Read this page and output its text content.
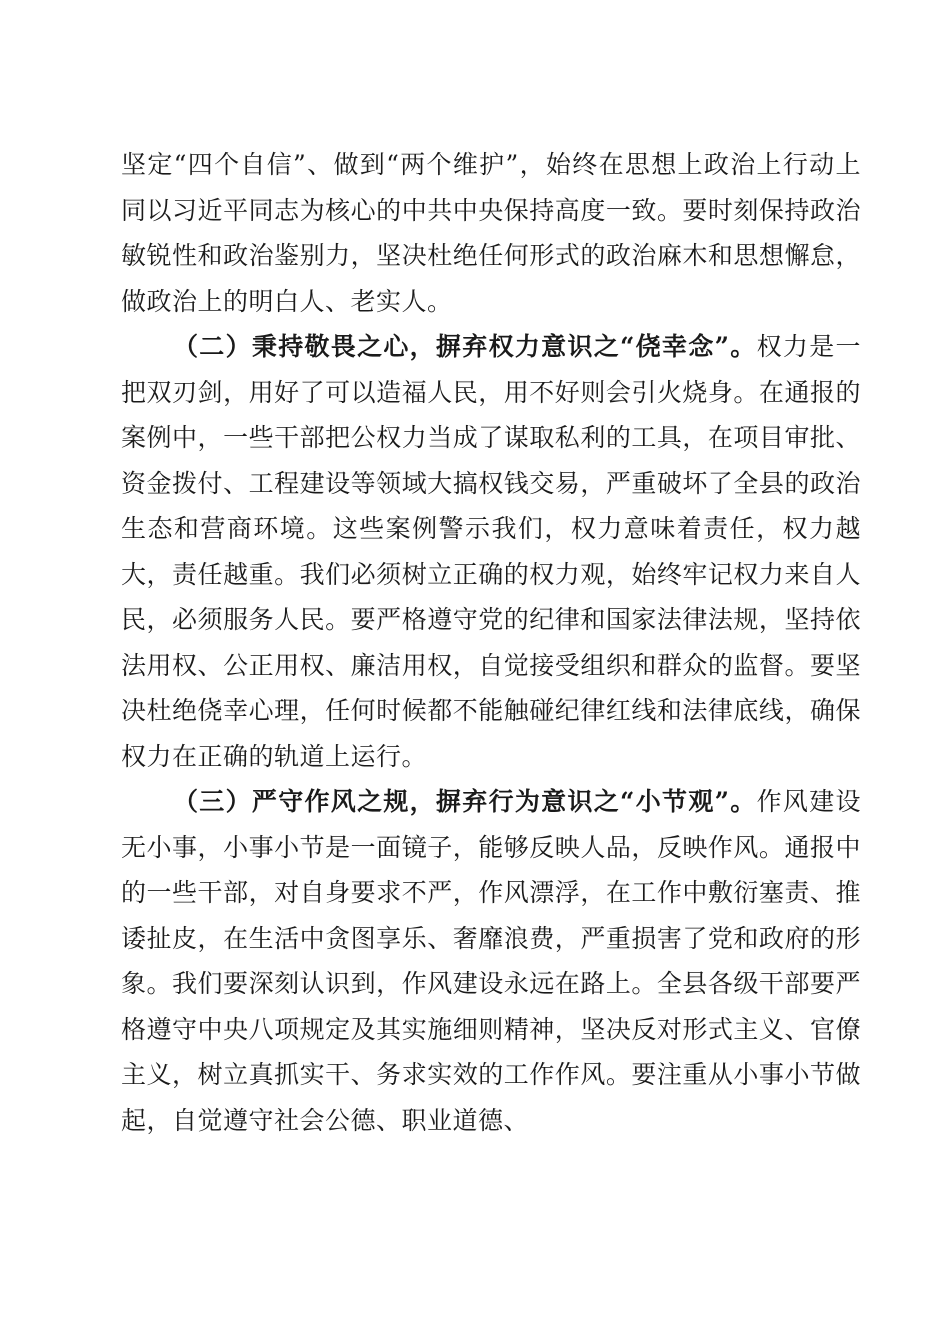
坚定“四个自信”、做到“两个维护”，始终在思想上政治上行动上同以习近平同志为核心的中共中央保持高度一致。要时刻保持政治敏锐性和政治鉴别力，坚决杜绝任何形式的政治麻木和思想懈怠，做政治上的明白人、老实人。

（二）秉持敬畏之心，摒弃权力意识之“侥幸念”。权力是一把双刃剑，用好了可以造福人民，用不好则会引火烧身。在通报的案例中，一些干部把公权力当成了谋取私利的工具，在项目审批、资金拨付、工程建设等领域大搞权钱交易，严重破坏了全县的政治生态和营商环境。这些案例警示我们，权力意味着责任，权力越大，责任越重。我们必须树立正确的权力观，始终牢记权力来自人民，必须服务人民。要严格遵守党的纪律和国家法律法规，坚持依法用权、公正用权、廉洁用权，自觉接受组织和群众的监督。要坚决杜绝侥幸心理，任何时候都不能触碰纪律红线和法律底线，确保权力在正确的轨道上运行。

（三）严守作风之规，摒弃行为意识之“小节观”。作风建设无小事，小事小节是一面镜子，能够反映人品，反映作风。通报中的一些干部，对自身要求不严，作风漂浮，在工作中敷衍塞责、推诿扯皮，在生活中贪图享乐、奢靡浪费，严重损害了党和政府的形象。我们要深刻认识到，作风建设永远在路上。全县各级干部要严格遵守中央八项规定及其实施细则精神，坚决反对形式主义、官僚主义，树立真抓实干、务求实效的工作作风。要注重从小事小节做起，自觉遵守社会公德、职业道德、
